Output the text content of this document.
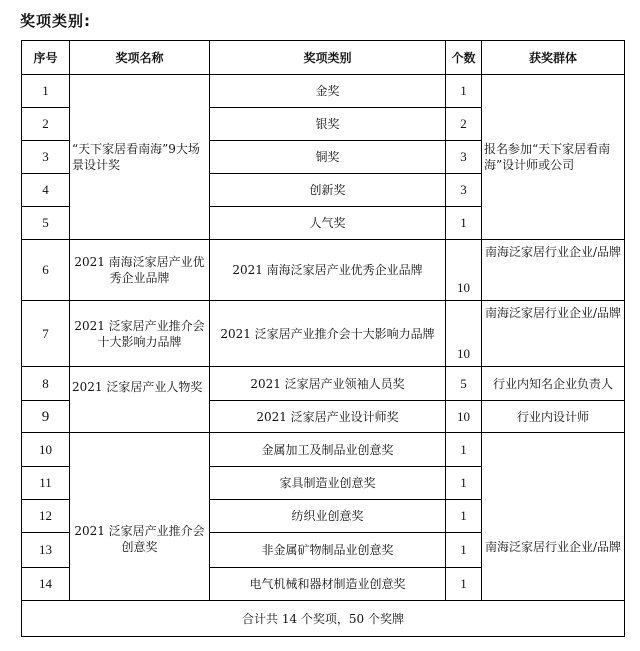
奖项类别:
序号	奖项名称	奖项类别	个数	获奖群体
1	“天下家居看南海”9大场景设计奖	金奖	1	报名参加“天下家居看南海”设计师或公司
2		银奖	2	
3		铜奖	3	
4		创新奖	3	
5		人气奖	1	
6	2021 南海泛家居产业优秀企业品牌	2021 南海泛家居产业优秀企业品牌	10	南海泛家居行业企业/品牌
7	2021 泛家居产业推介会十大影响力品牌	2021 泛家居产业推介会十大影响力品牌	10	南海泛家居行业企业/品牌
8	2021 泛家居产业人物奖	2021 泛家居产业领袖人员奖	5	行业内知名企业负责人
9		2021 泛家居产业设计师奖	10	行业内设计师
10	2021 泛家居产业推介会创意奖	金属加工及制品业创意奖	1	南海泛家居行业企业/品牌
11		家具制造业创意奖	1	
12		纺织业创意奖	1	
13		非金属矿物制品业创意奖	1	
14		电气机械和器材制造业创意奖	1	
合计共 14 个奖项，50 个奖牌				
